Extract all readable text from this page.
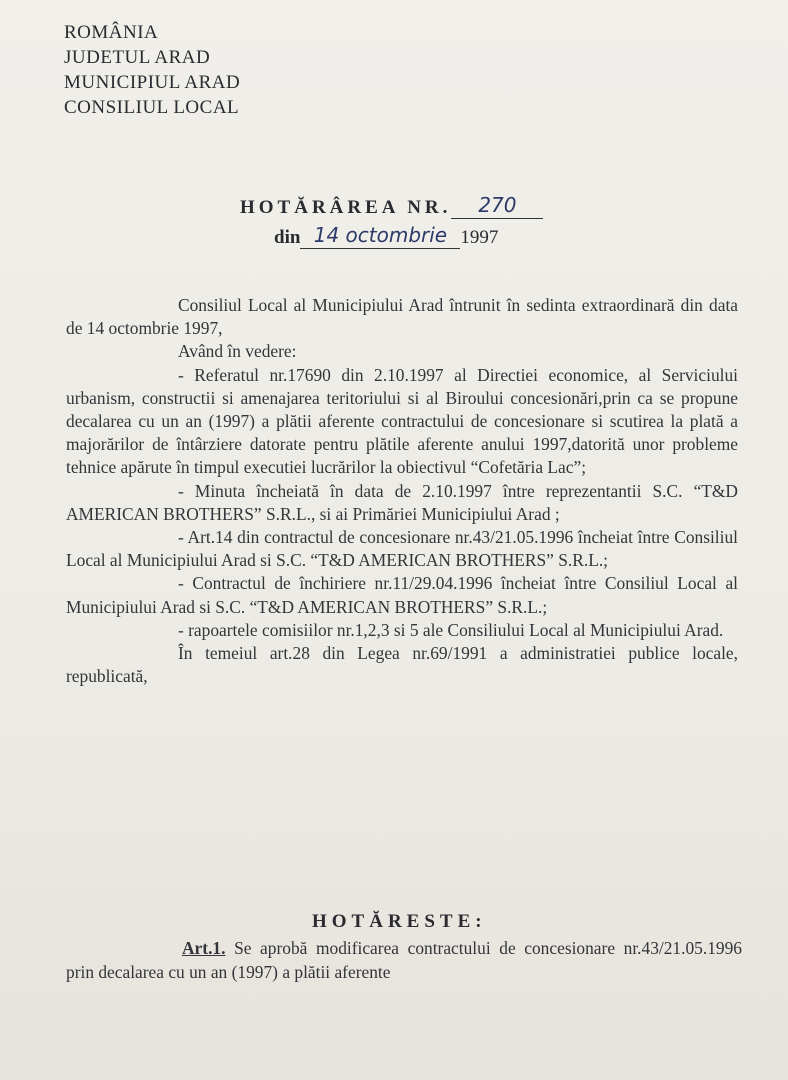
ROMÂNIA
JUDETUL ARAD
MUNICIPIUL ARAD
CONSILIUL LOCAL
HOTĂRÂREA NR. 270
din 14 octombrie 1997

Consiliul Local al Municipiului Arad întrunit în sedinta extraordinară din data de 14 octombrie 1997,

Având în vedere:

- Referatul nr.17690 din 2.10.1997 al Directiei economice, al Serviciului urbanism, constructii si amenajarea teritoriului si al Biroului concesionări,prin ca se propune decalarea cu un an (1997) a plătii aferente contractului de concesionare si scutirea la plată a majorărilor de întârziere datorate pentru plătile aferente anului 1997,datorită unor probleme tehnice apărute în timpul executiei lucrărilor la obiectivul “Cofetăria Lac”;

- Minuta încheiată în data de 2.10.1997 între reprezentantii S.C. “T&D AMERICAN BROTHERS” S.R.L., si ai Primăriei Municipiului Arad ;

- Art.14 din contractul de concesionare nr.43/21.05.1996 încheiat între Consiliul Local al Municipiului Arad si S.C. “T&D AMERICAN BROTHERS” S.R.L.;

- Contractul de închiriere nr.11/29.04.1996 încheiat între Consiliul Local al Municipiului Arad si S.C. “T&D AMERICAN BROTHERS” S.R.L.;

- rapoartele comisiilor nr.1,2,3 si 5 ale Consiliului Local al Municipiului Arad.

În temeiul art.28 din Legea nr.69/1991 a administratiei publice locale, republicată,

HOTĂRESTE:

Art.1. Se aprobă modificarea contractului de concesionare nr.43/21.05.1996 prin decalarea cu un an (1997) a plătii aferente
